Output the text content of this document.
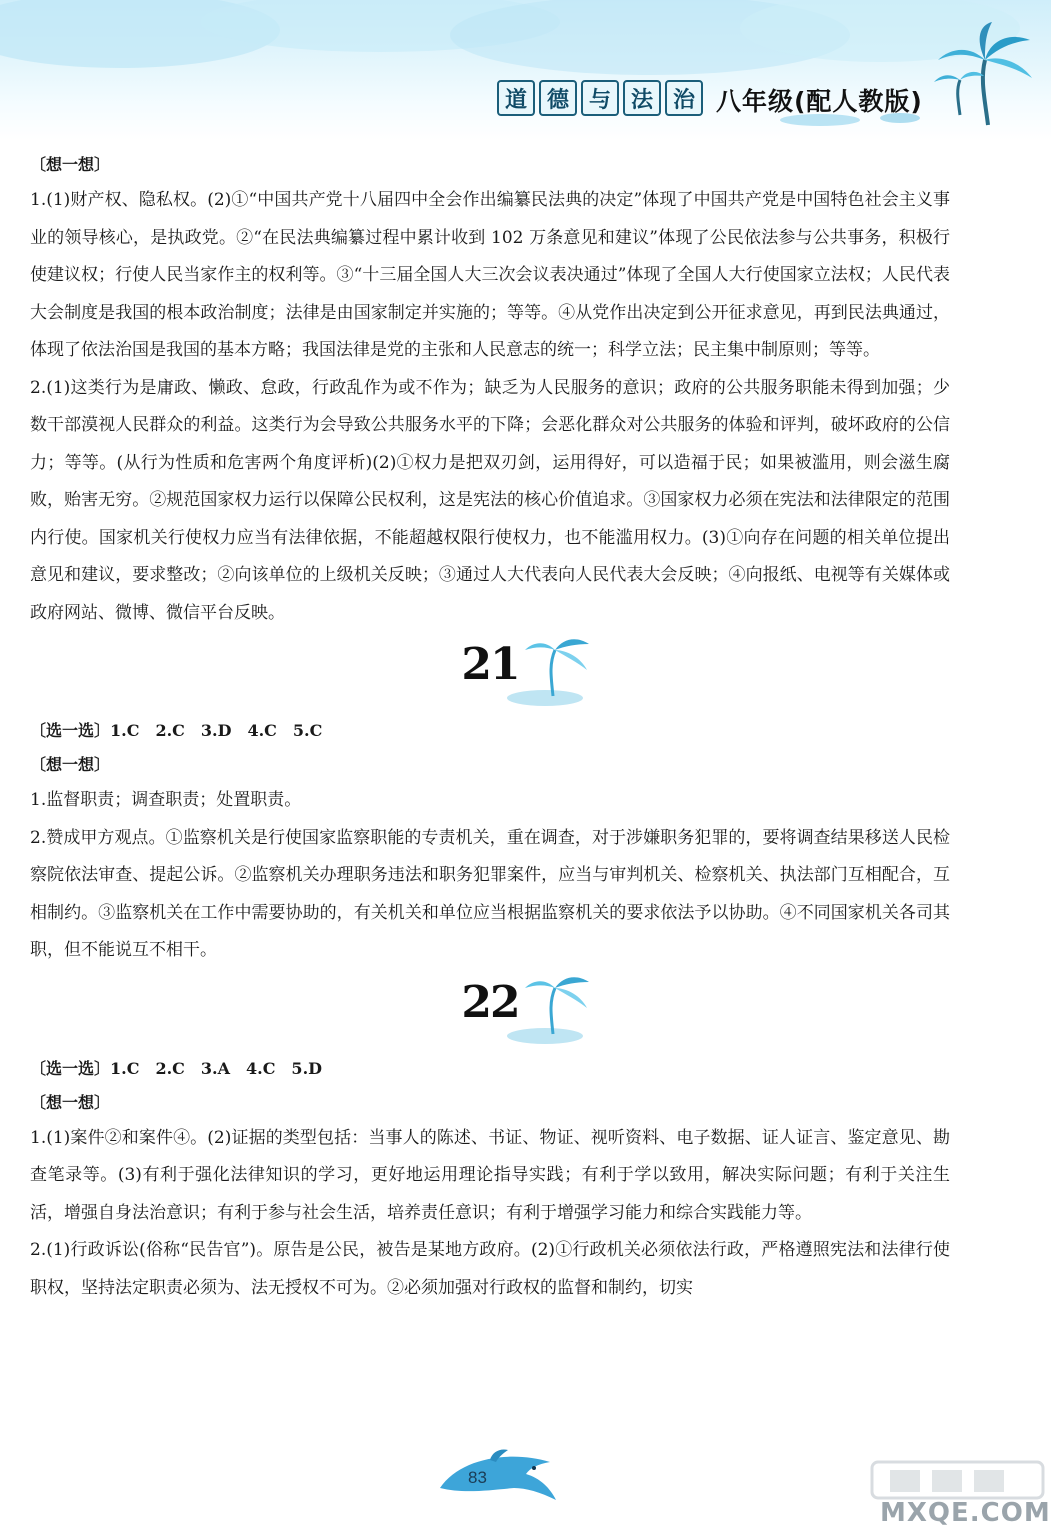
道 德 与 法 治 八年级(配人教版)
〔想一想〕

1.(1)财产权、隐私权。(2)①“中国共产党十八届四中全会作出编纂民法典的决定”体现了中国共产党是中国特色社会主义事业的领导核心，是执政党。②“在民法典编纂过程中累计收到 102 万条意见和建议”体现了公民依法参与公共事务，积极行使建议权；行使人民当家作主的权利等。③“十三届全国人大三次会议表决通过”体现了全国人大行使国家立法权；人民代表大会制度是我国的根本政治制度；法律是由国家制定并实施的；等等。④从党作出决定到公开征求意见，再到民法典通过，体现了依法治国是我国的基本方略；我国法律是党的主张和人民意志的统一；科学立法；民主集中制原则；等等。

2.(1)这类行为是庸政、懒政、怠政，行政乱作为或不作为；缺乏为人民服务的意识；政府的公共服务职能未得到加强；少数干部漠视人民群众的利益。这类行为会导致公共服务水平的下降；会恶化群众对公共服务的体验和评判，破坏政府的公信力；等等。(从行为性质和危害两个角度评析)(2)①权力是把双刃剑，运用得好，可以造福于民；如果被滥用，则会滋生腐败，贻害无穷。②规范国家权力运行以保障公民权利，这是宪法的核心价值追求。③国家权力必须在宪法和法律限定的范围内行使。国家机关行使权力应当有法律依据，不能超越权限行使权力，也不能滥用权力。(3)①向存在问题的相关单位提出意见和建议，要求整改；②向该单位的上级机关反映；③通过人大代表向人民代表大会反映；④向报纸、电视等有关媒体或政府网站、微博、微信平台反映。

21
〔选一选〕1.C　2.C　3.D　4.C　5.C
〔想一想〕

1.监督职责；调查职责；处置职责。

2.赞成甲方观点。①监察机关是行使国家监察职能的专责机关，重在调查，对于涉嫌职务犯罪的，要将调查结果移送人民检察院依法审查、提起公诉。②监察机关办理职务违法和职务犯罪案件，应当与审判机关、检察机关、执法部门互相配合，互相制约。③监察机关在工作中需要协助的，有关机关和单位应当根据监察机关的要求依法予以协助。④不同国家机关各司其职，但不能说互不相干。

22
〔选一选〕1.C　2.C　3.A　4.C　5.D
〔想一想〕

1.(1)案件②和案件④。(2)证据的类型包括：当事人的陈述、书证、物证、视听资料、电子数据、证人证言、鉴定意见、勘查笔录等。(3)有利于强化法律知识的学习，更好地运用理论指导实践；有利于学以致用，解决实际问题；有利于关注生活，增强自身法治意识；有利于参与社会生活，培养责任意识；有利于增强学习能力和综合实践能力等。

2.(1)行政诉讼(俗称“民告官”)。原告是公民，被告是某地方政府。(2)①行政机关必须依法行政，严格遵照宪法和法律行使职权，坚持法定职责必须为、法无授权不可为。②必须加强对行政权的监督和制约，切实

83
MXQE.COM
